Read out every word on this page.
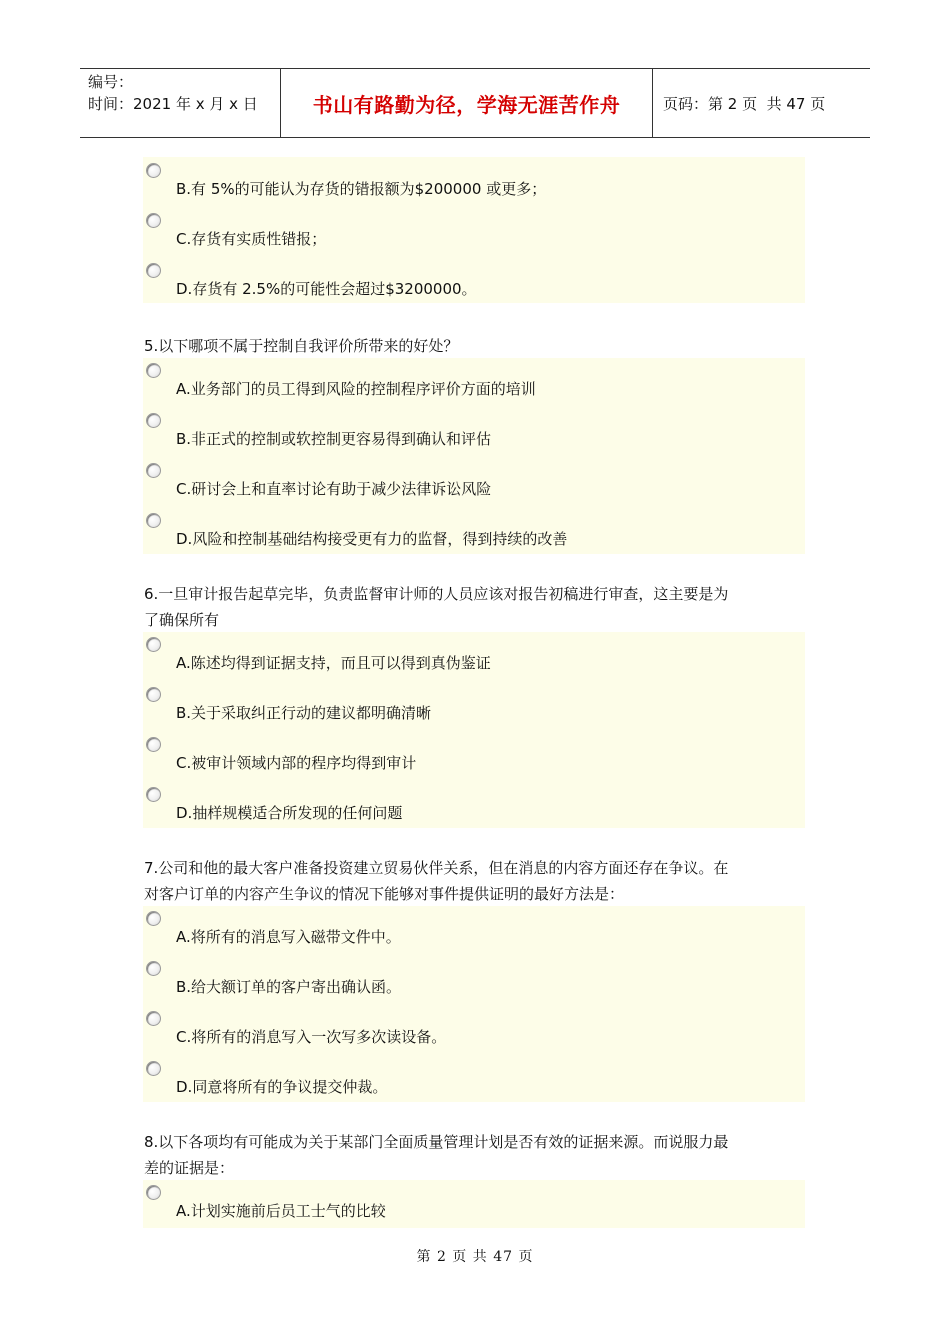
编号：
时间：2021 年 x 月 x 日	书山有路勤为径，学海无涯苦作舟	页码：第 2 页  共 47 页
B.有 5%的可能认为存货的错报额为$200000 或更多；
C.存货有实质性错报；
D.存货有 2.5%的可能性会超过$3200000。
5.以下哪项不属于控制自我评价所带来的好处？
A.业务部门的员工得到风险的控制程序评价方面的培训
B.非正式的控制或软控制更容易得到确认和评估
C.研讨会上和直率讨论有助于减少法律诉讼风险
D.风险和控制基础结构接受更有力的监督，得到持续的改善
6.一旦审计报告起草完毕，负责监督审计师的人员应该对报告初稿进行审查，这主要是为
了确保所有
A.陈述均得到证据支持，而且可以得到真伪鉴证
B.关于采取纠正行动的建议都明确清晰
C.被审计领域内部的程序均得到审计
D.抽样规模适合所发现的任何问题
7.公司和他的最大客户准备投资建立贸易伙伴关系，但在消息的内容方面还存在争议。在
对客户订单的内容产生争议的情况下能够对事件提供证明的最好方法是：
A.将所有的消息写入磁带文件中。
B.给大额订单的客户寄出确认函。
C.将所有的消息写入一次写多次读设备。
D.同意将所有的争议提交仲裁。
8.以下各项均有可能成为关于某部门全面质量管理计划是否有效的证据来源。而说服力最
差的证据是：
A.计划实施前后员工士气的比较
第 2 页 共 47 页
